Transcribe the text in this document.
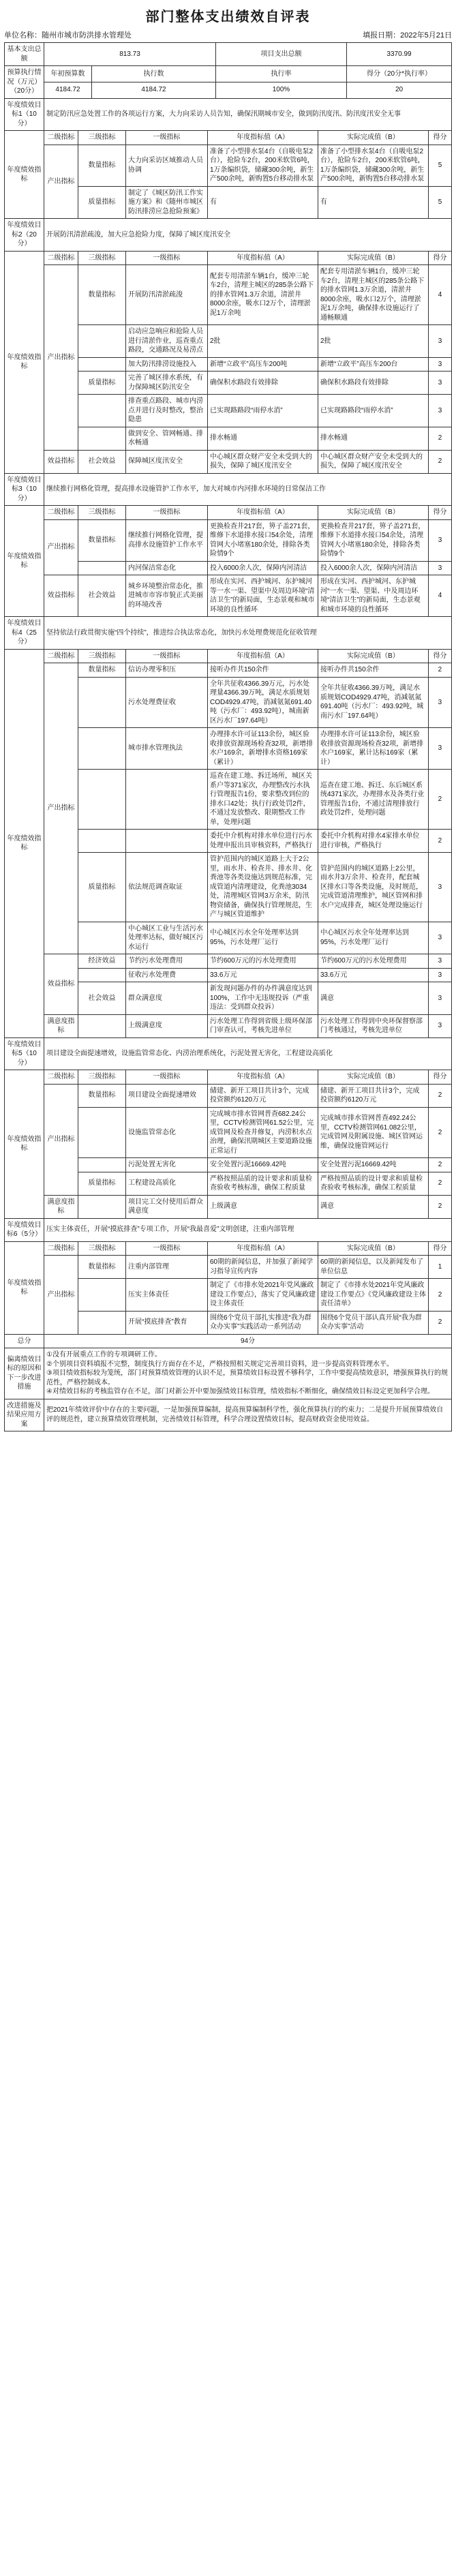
部门整体支出绩效自评表
单位名称：随州市城市防洪排水管理处	填报日期：2022年5月21日
基本支出总额	813.73		项目支出总额	3370.99
预算执行情况（万元）（20分）	年初预算数	执行数	执行率	得分（20分*执行率）
	4184.72	4184.72	100%	20
年度绩效目标1（10分）	制定防汛应急处置工作的各项运行方案，大力向采访人员告知，确保汛期城市安全，做到防汛度汛、防汛度汛安全无事					
年度绩效指标	二级指标	三级指标	一级指标	年度指标值（A）	实际完成值（B）	得分
	产出指标	数量指标	大力向采访区域推动人员协调	准备了小型排水泵4台（自吸电泵2台），抢险车2台，200米软管6吨，1万条编织袋，储藏300余吨，新生产500余吨，新购置5台移动排水泵	准备了小型排水泵4台（自吸电泵2台），抢险车2台，200米软管6吨，1万条编织袋，储藏300余吨，新生产500余吨，新购置5台移动排水泵	5
		质量指标	制定了《城区防汛工作实施方案》和《随州市城区防汛排涝应急抢险预案》	有	有	5
年度绩效目标2（20分）	开展防汛清淤疏浚，加大应急抢险力度，保障了城区度汛安全					
年度绩效指标	二级指标	三级指标	一级指标	年度指标值（A）	实际完成值（B）	得分
	产出指标	数量指标	开展防汛清淤疏浚	配套专用清淤车辆1台，缓冲三轮车2台，清理主城区的285条公路下的排水管网1.3万余道，清淤井8000余座，吸水口2万个，清理淤泥1万余吨	配套专用清淤车辆1台，缓冲三轮车2台，清理主城区的285条公路下的排水管网1.3万余道，清淤井8000余座，吸水口2万个，清理淤泥1万余吨，确保排水设施运行了通畅顺通	4
			启动应急响应和抢险人员进行清淤作业，巡查重点路段，交通路况及易涝点	2批	2批	3
			加大防汛排涝设施投入	新增“立政平”高压车200吨	新增“立政平”高压车200台	3
		质量指标	完善了城区排水系统，有力保障城区防汛安全	确保积水路段有效排除	确保积水路段有效排除	3
			排查重点路段、城市内涝点并进行及时整改，整治隐患	已实现路路段“雨停水消”	已实现路路段“雨停水消”	3
			做到安全、管网畅通、排水畅通	排水畅通	排水畅通	2
	效益指标	社会效益	保障城区度汛安全	中心城区群众财产安全未受到大的损失，保障了城区度汛安全	中心城区群众财产安全未受到大的损失，保障了城区度汛安全	2
年度绩效目标3（10分）	继续推行网格化管理，提高排水设施管护工作水平，加大对城市内河排水环境的日常保洁工作					
年度绩效指标	二级指标	三级指标	一级指标	年度指标值（A）	实际完成值（B）	得分
	产出指标	数量指标	继续推行网格化管理，提高排水设施管护工作水平	更换检查井217套，箅子盖271套，维修下水道排水接口54余处，清理管网大小堵塞180余处，排除各类险情9个	更换检查井217套，箅子盖271套，维修下水道排水接口54余处，清理管网大小堵塞180余处，排除各类险情9个	3
			内河保洁常态化	投入6000余人次，保障内河清洁	投入6000余人次，保障内河清洁	3
	效益指标	社会效益	城乡环境整治常态化，推进城市市容市貌正式美丽的环境改善	形成在实河、西护城河、东护城河等一水一渠、望渠中及周边环境“清洁卫生”的新局面，生态景观和城市环境的良性循环	形成在实河、西护城河、东护城河“一水一渠、望渠、中及周边环境“清洁卫生”的新局面，生态景观和城市环境的良性循环	4
年度绩效目标4（25分）	坚持依法行政贯彻实施“四个持续”，推进综合执法常态化，加快污水处理费规范化征收管理					
年度绩效指标	二级指标	三级指标	一级指标	年度指标值（A）	实际完成值（B）	得分
	产出指标	数量指标	信访办理零积压	接听办件共150余件	接听办件共150余件	2
			污水处理费征收	全年共征收4366.39万元，污水处理量4366.39万吨，满足水质规划COD4929.47吨，消减氨氮691.40吨（污水厂：493.92吨），城南新区污水厂197.64吨）	全年共征收4366.39万吨，满足水质规划COD4929.47吨，消减氨氮691.40吨（污水厂：493.92吨，城南污水厂197.64吨）	3
			城市排水管理执法	办理排水许可证113余份，城区验收排放资源现场检查32项，新增排水户169余，新增排水资格169家（累计）	办理排水许可证113余份，城区验收排放资源现场检查32项，新增排水户169家，累计达标169家（累计）	3
				巡查在建工地、拆迁场所，城区关系户等371家次，办理整改污水执行管理报告1份，要求整改到位的排水口42处；执行行政处罚2件，不通过发放整改、限期整改工作单，处理问题	巡查在建工地、拆迁、东后城区系统4371家次，办理排水及各类行业管理报告1份，不通过清理排放行政处罚2件，处理问题	2
				委托中介机构对排水单位进行污水处理申报出具审核资料，严格执行	委托中介机构对排水4家排水单位进行审核，严格执行	2
		质量指标	依法规范调查取证	管护范围内的城区道路上大于2公里，雨水井、检查井、排水井、化粪池等各类设施达到规范标准，完成管道内清理建设，化粪池3034处，清理城区管网3万余米，防汛物资储备，确保执行管理规范，生产与城区管道维护	管护范围内的城区道路上2公里，雨水井3万余井、检查井，配套城区排水口等各类设施，及时规范，完成管道清理维护，城区管网和排水户完成排查，城区处理设施运行	3
			中心城区工业与生活污水处理率达标，做好城区污水运行	中心城区污水全年处理率达到95%，污水处理厂运行	中心城区污水全年处理率达到95%，污水处理厂运行	3
	效益指标	经济效益	节约污水处理费用	节约600万元的污水处理费用	节约600万元的污水处理费用	3
			征收污水处理费	33.6万元	33.6万元	3
		社会效益	群众满意度	新发现问题办件的办件满意度达到100%，工作中无违规投诉（严重违法：受到群众投诉）	满意	3
	满意度指标		上级满意度	污水处理工作得到省级上级环保部门审查认可，考核先进单位	污水处理工作得到中央环保督察部门考核通过，考核先进单位	3
年度绩效目标5（10分）	项目建设全面提速增效，设施监管常态化、内涝治理系统化，污泥处置无害化，工程建设高质化					
年度绩效指标	二级指标	三级指标	一级指标	年度指标值（A）	实际完成值（B）	得分
	产出指标	数量指标	项目建设全面提速增效	储建、新开工项目共计3个，完成投资额约6120万元	储建、新开工项目共计3个，完成投资额约6120万元	2
			设施监管常态化	完成城市排水管网普查682.24公里，CCTV检测管网61.52公里，完成管网及检查井修复，内涝积水点治理，确保汛期城区主要道路设施正常运行	完成城市排水管网普查492.24公里，CCTV检测管网61.082公里，完成管网及附属设施、城区管网运维，确保设施管网运行	2
			污泥处置无害化	安全处置污泥16669.42吨	安全处置污泥16669.42吨	2
		质量指标	工程建设高质化	严格按照品质的设计要求和质量检查验收考核标准，确保工程质量	严格按照品质的设计要求和质量检查验收考核标准，确保工程质量	2
	满意度指标		项目完工交付使用后群众满意度	上级满意	满意	2
年度绩效目标6（5分）	压实主体责任，开展“摸底排查”专项工作，开展“我最喜爱”文明创建，注重内部管理					
年度绩效指标	二级指标	三级指标	一级指标	年度指标值（A）	实际完成值（B）	得分
	产出指标	数量指标	注重内部管理	60期的新闻信息，并加强了新闻学习指导宣传内容	60期的新闻信息，以及新闻发布了单位信息	1
			压实主体责任	制定了《市排水处2021年党风廉政建设工作要点》，落实了党风廉政建设主体责任	制定了《市排水处2021年党风廉政建设工作要点》《党风廉政建设主体责任清单》	2
			开展“摸底排查”教育	围绕6个党员干部扎实推进“我为群众办实事”实践活动一系列活动	围绕6个党员干部认真开展“我为群众办实事”活动	2
总分	94分
偏离绩效目标的原因和下一步改进措施	①没有开展重点工作的专项调研工作。
②个别项目资料填报不完整，制度执行方面存在不足，严格按照相关规定完善项目资料，进一步提高资料管理水平。
③项目绩效指标较为笼统，部门对预算绩效管理的认识不足，预算绩效目标设置不够科学，工作中要提高绩效意识，增强预算执行的规范性，严格控制成本。
④对绩效目标的考核监管存在不足，部门对新公开中要加强绩效目标管理，绩效指标不断细化，确保绩效目标设定更加科学合理。

改进措施及结果应用方案	把2021年绩效评价中存在的主要问题，一是加强预算编制，提高预算编制科学性，强化预算执行的约束力；二是提升开展预算绩效自评的规范性，建立预算绩效管理机制，完善绩效目标管理，科学合理设置绩效目标，提高财政资金使用效益。
